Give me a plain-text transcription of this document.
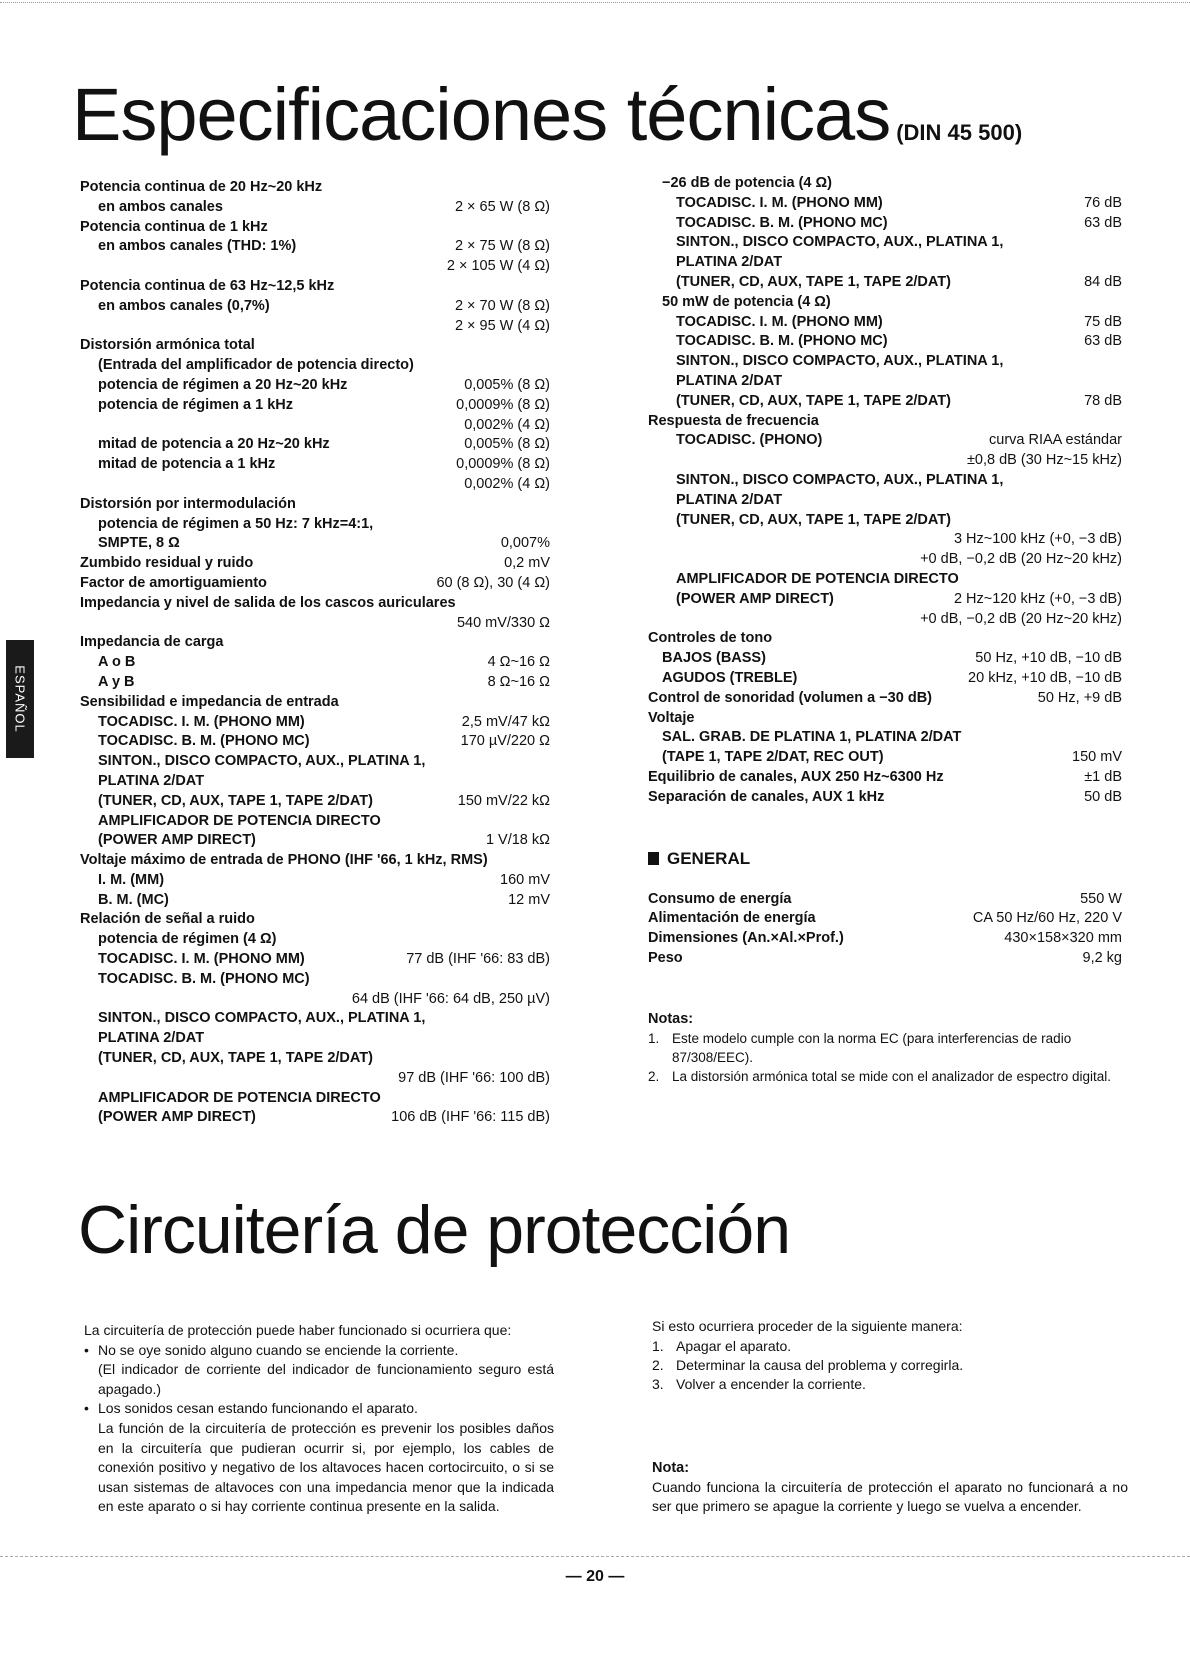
Especificaciones técnicas (DIN 45 500)
ESPAÑOL
Potencia continua de 20 Hz~20 kHz
en ambos canales	2 × 65 W (8 Ω)
Potencia continua de 1 kHz
en ambos canales (THD: 1%)	2 × 75 W (8 Ω)
2 × 105 W (4 Ω)
Potencia continua de 63 Hz~12,5 kHz
en ambos canales (0,7%)	2 × 70 W (8 Ω)
2 × 95 W (4 Ω)
Distorsión armónica total
(Entrada del amplificador de potencia directo)
potencia de régimen a 20 Hz~20 kHz	0,005% (8 Ω)
potencia de régimen a 1 kHz	0,0009% (8 Ω)
0,002% (4 Ω)
mitad de potencia a 20 Hz~20 kHz	0,005% (8 Ω)
mitad de potencia a 1 kHz	0,0009% (8 Ω)
0,002% (4 Ω)
Distorsión por intermodulación
potencia de régimen a 50 Hz: 7 kHz=4:1,
SMPTE, 8 Ω	0,007%
Zumbido residual y ruido	0,2 mV
Factor de amortiguamiento	60 (8 Ω), 30 (4 Ω)
Impedancia y nivel de salida de los cascos auriculares
540 mV/330 Ω
Impedancia de carga
A o B	4 Ω~16 Ω
A y B	8 Ω~16 Ω
Sensibilidad e impedancia de entrada
TOCADISC. I. M. (PHONO MM)	2,5 mV/47 kΩ
TOCADISC. B. M. (PHONO MC)	170 µV/220 Ω
SINTON., DISCO COMPACTO, AUX., PLATINA 1,
PLATINA 2/DAT
(TUNER, CD, AUX, TAPE 1, TAPE 2/DAT)	150 mV/22 kΩ
AMPLIFICADOR DE POTENCIA DIRECTO
(POWER AMP DIRECT)	1 V/18 kΩ
Voltaje máximo de entrada de PHONO (IHF '66, 1 kHz, RMS)
I. M. (MM)	160 mV
B. M. (MC)	12 mV
Relación de señal a ruido
potencia de régimen (4 Ω)
TOCADISC. I. M. (PHONO MM)	77 dB (IHF '66: 83 dB)
TOCADISC. B. M. (PHONO MC)
64 dB (IHF '66: 64 dB, 250 µV)
SINTON., DISCO COMPACTO, AUX., PLATINA 1,
PLATINA 2/DAT
(TUNER, CD, AUX, TAPE 1, TAPE 2/DAT)
97 dB (IHF '66: 100 dB)
AMPLIFICADOR DE POTENCIA DIRECTO
(POWER AMP DIRECT)	106 dB (IHF '66: 115 dB)
−26 dB de potencia (4 Ω)
TOCADISC. I. M. (PHONO MM)	76 dB
TOCADISC. B. M. (PHONO MC)	63 dB
SINTON., DISCO COMPACTO, AUX., PLATINA 1,
PLATINA 2/DAT
(TUNER, CD, AUX, TAPE 1, TAPE 2/DAT)	84 dB
50 mW de potencia (4 Ω)
TOCADISC. I. M. (PHONO MM)	75 dB
TOCADISC. B. M. (PHONO MC)	63 dB
SINTON., DISCO COMPACTO, AUX., PLATINA 1,
PLATINA 2/DAT
(TUNER, CD, AUX, TAPE 1, TAPE 2/DAT)	78 dB
Respuesta de frecuencia
TOCADISC. (PHONO)	curva RIAA estándar
±0,8 dB (30 Hz~15 kHz)
SINTON., DISCO COMPACTO, AUX., PLATINA 1,
PLATINA 2/DAT
(TUNER, CD, AUX, TAPE 1, TAPE 2/DAT)
3 Hz~100 kHz (+0, −3 dB)
+0 dB, −0,2 dB (20 Hz~20 kHz)
AMPLIFICADOR DE POTENCIA DIRECTO
(POWER AMP DIRECT)	2 Hz~120 kHz (+0, −3 dB)
+0 dB, −0,2 dB (20 Hz~20 kHz)
Controles de tono
BAJOS (BASS)	50 Hz, +10 dB, −10 dB
AGUDOS (TREBLE)	20 kHz, +10 dB, −10 dB
Control de sonoridad (volumen a −30 dB)	50 Hz, +9 dB
Voltaje
SAL. GRAB. DE PLATINA 1, PLATINA 2/DAT
(TAPE 1, TAPE 2/DAT, REC OUT)	150 mV
Equilibrio de canales, AUX 250 Hz~6300 Hz	±1 dB
Separación de canales, AUX 1 kHz	50 dB
GENERAL
Consumo de energía	550 W
Alimentación de energía	CA 50 Hz/60 Hz, 220 V
Dimensiones (An.×Al.×Prof.)	430×158×320 mm
Peso	9,2 kg
Notas:
1. Este modelo cumple con la norma EC (para interferencias de radio 87/308/EEC).
2. La distorsión armónica total se mide con el analizador de espectro digital.
Circuitería de protección
La circuitería de protección puede haber funcionado si ocurriera que:
• No se oye sonido alguno cuando se enciende la corriente.
(El indicador de corriente del indicador de funcionamiento seguro está apagado.)
• Los sonidos cesan estando funcionando el aparato.
La función de la circuitería de protección es prevenir los posibles daños en la circuitería que pudieran ocurrir si, por ejemplo, los cables de conexión positivo y negativo de los altavoces hacen cortocircuito, o si se usan sistemas de altavoces con una impedancia menor que la indicada en este aparato o si hay corriente continua presente en la salida.
Si esto ocurriera proceder de la siguiente manera:
1. Apagar el aparato.
2. Determinar la causa del problema y corregirla.
3. Volver a encender la corriente.
Nota:
Cuando funciona la circuitería de protección el aparato no funcionará a no ser que primero se apague la corriente y luego se vuelva a encender.
— 20 —
